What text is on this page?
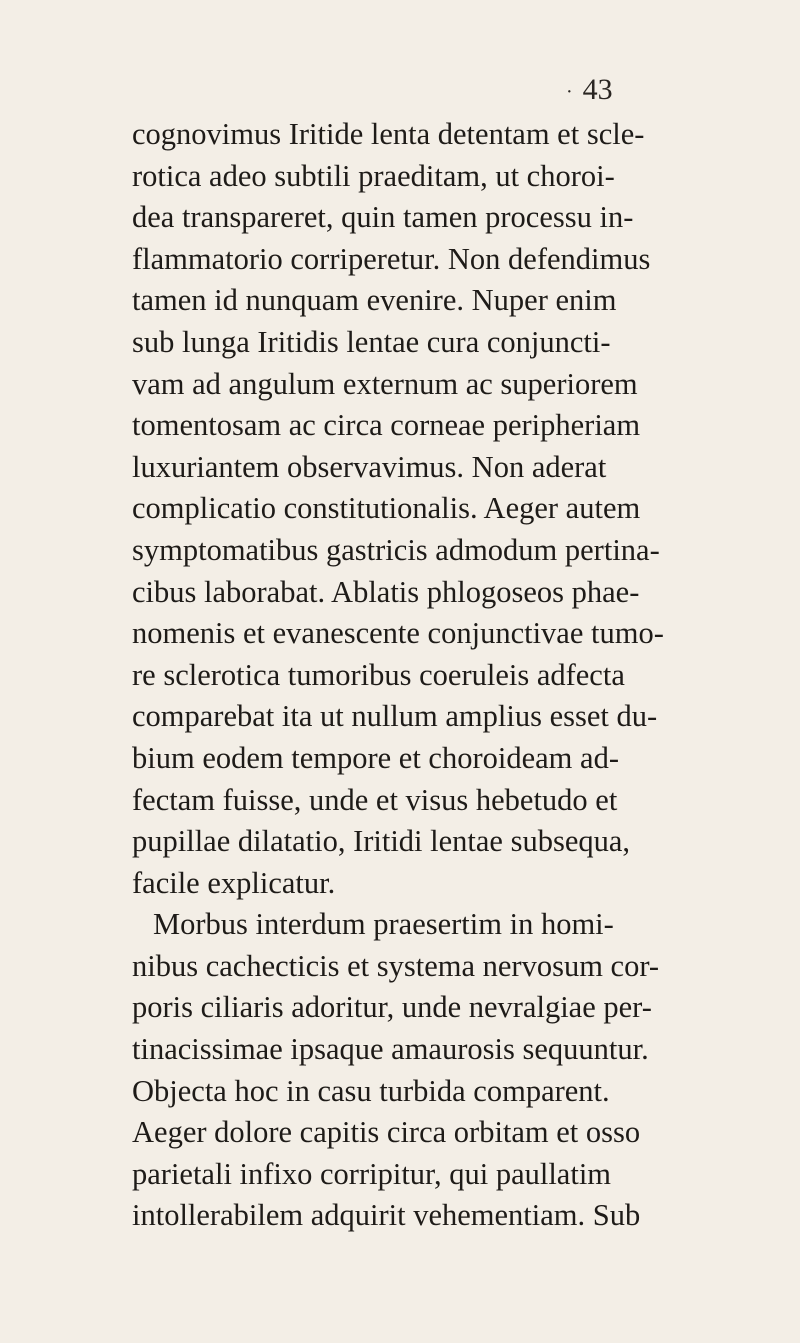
· 43
cognovimus Iritide lenta detentam et scle-
rotica adeo subtili praeditam, ut choroi-
dea transpareret, quin tamen processu in-
flammatorio corriperetur. Non defendimus
tamen id nunquam evenire. Nuper enim
sub lunga Iritidis lentae cura conjuncti-
vam ad angulum externum ac superiorem
tomentosam ac circa corneae peripheriam
luxuriantem observavimus. Non aderat
complicatio constitutionalis. Aeger autem
symptomatibus gastricis admodum pertina-
cibus laborabat. Ablatis phlogoseos phae-
nomenis et evanescente conjunctivae tumo-
re sclerotica tumoribus coeruleis adfecta
comparebat ita ut nullum amplius esset du-
bium eodem tempore et choroideam ad-
fectam fuisse, unde et visus hebetudo et
pupillae dilatatio, Iritidi lentae subsequa,
facile explicatur.
Morbus interdum praesertim in homi-
nibus cachecticis et systema nervosum cor-
poris ciliaris adoritur, unde nevralgiae per-
tinacissimae ipsaque amaurosis sequuntur.
Objecta hoc in casu turbida comparent.
Aeger dolore capitis circa orbitam et osso
parietali infixo corripitur, qui paullatim
intollerabilem adquirit vehementiam. Sub
